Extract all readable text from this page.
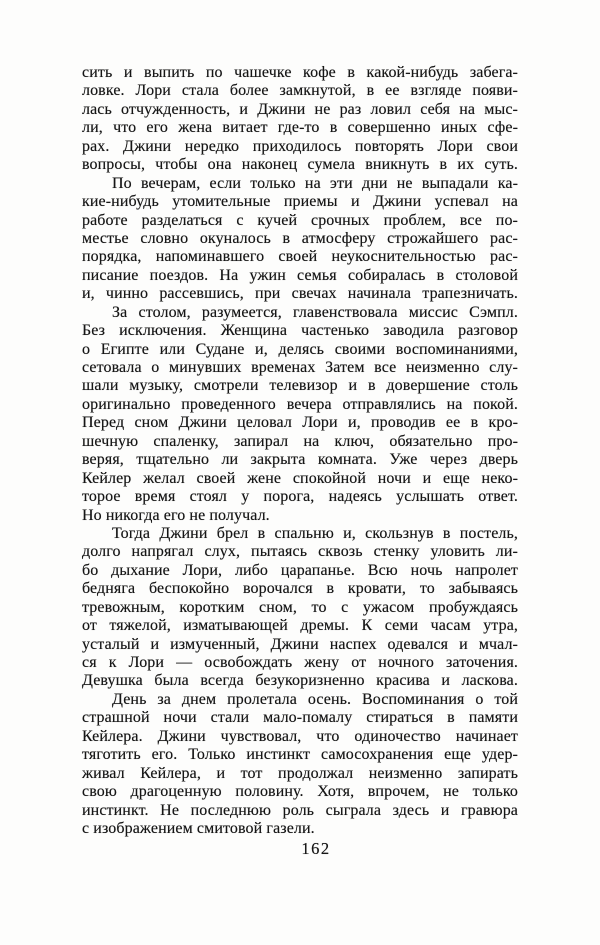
сить и выпить по чашечке кофе в какой-нибудь забега-
ловке. Лори стала более замкнутой, в ее взгляде появи-
лась отчужденность, и Джини не раз ловил себя на мыс-
ли, что его жена витает где-то в совершенно иных сфе-
рах. Джини нередко приходилось повторять Лори свои
вопросы, чтобы она наконец сумела вникнуть в их суть.
По вечерам, если только на эти дни не выпадали ка-
кие-нибудь утомительные приемы и Джини успевал на
работе разделаться с кучей срочных проблем, все по-
местье словно окуналось в атмосферу строжайшего рас-
порядка, напоминавшего своей неукоснительностью рас-
писание поездов. На ужин семья собиралась в столовой
и, чинно рассевшись, при свечах начинала трапезничать.
За столом, разумеется, главенствовала миссис Сэмпл.
Без исключения. Женщина частенько заводила разговор
о Египте или Судане и, делясь своими воспоминаниями,
сетовала о минувших временах Затем все неизменно слу-
шали музыку, смотрели телевизор и в довершение столь
оригинально проведенного вечера отправлялись на покой.
Перед сном Джини целовал Лори и, проводив ее в кро-
шечную спаленку, запирал на ключ, обязательно про-
веряя, тщательно ли закрыта комната. Уже через дверь
Кейлер желал своей жене спокойной ночи и еще неко-
торое время стоял у порога, надеясь услышать ответ.
Но никогда его не получал.
Тогда Джини брел в спальню и, скользнув в постель,
долго напрягал слух, пытаясь сквозь стенку уловить ли-
бо дыхание Лори, либо царапанье. Всю ночь напролет
бедняга беспокойно ворочался в кровати, то забываясь
тревожным, коротким сном, то с ужасом пробуждаясь
от тяжелой, изматывающей дремы. К семи часам утра,
усталый и измученный, Джини наспех одевался и мчал-
ся к Лори — освобождать жену от ночного заточения.
Девушка была всегда безукоризненно красива и ласкова.
День за днем пролетала осень. Воспоминания о той
страшной ночи стали мало-помалу стираться в памяти
Кейлера. Джини чувствовал, что одиночество начинает
тяготить его. Только инстинкт самосохранения еще удер-
живал Кейлера, и тот продолжал неизменно запирать
свою драгоценную половину. Хотя, впрочем, не только
инстинкт. Не последнюю роль сыграла здесь и гравюра
с изображением смитовой газели.
162
